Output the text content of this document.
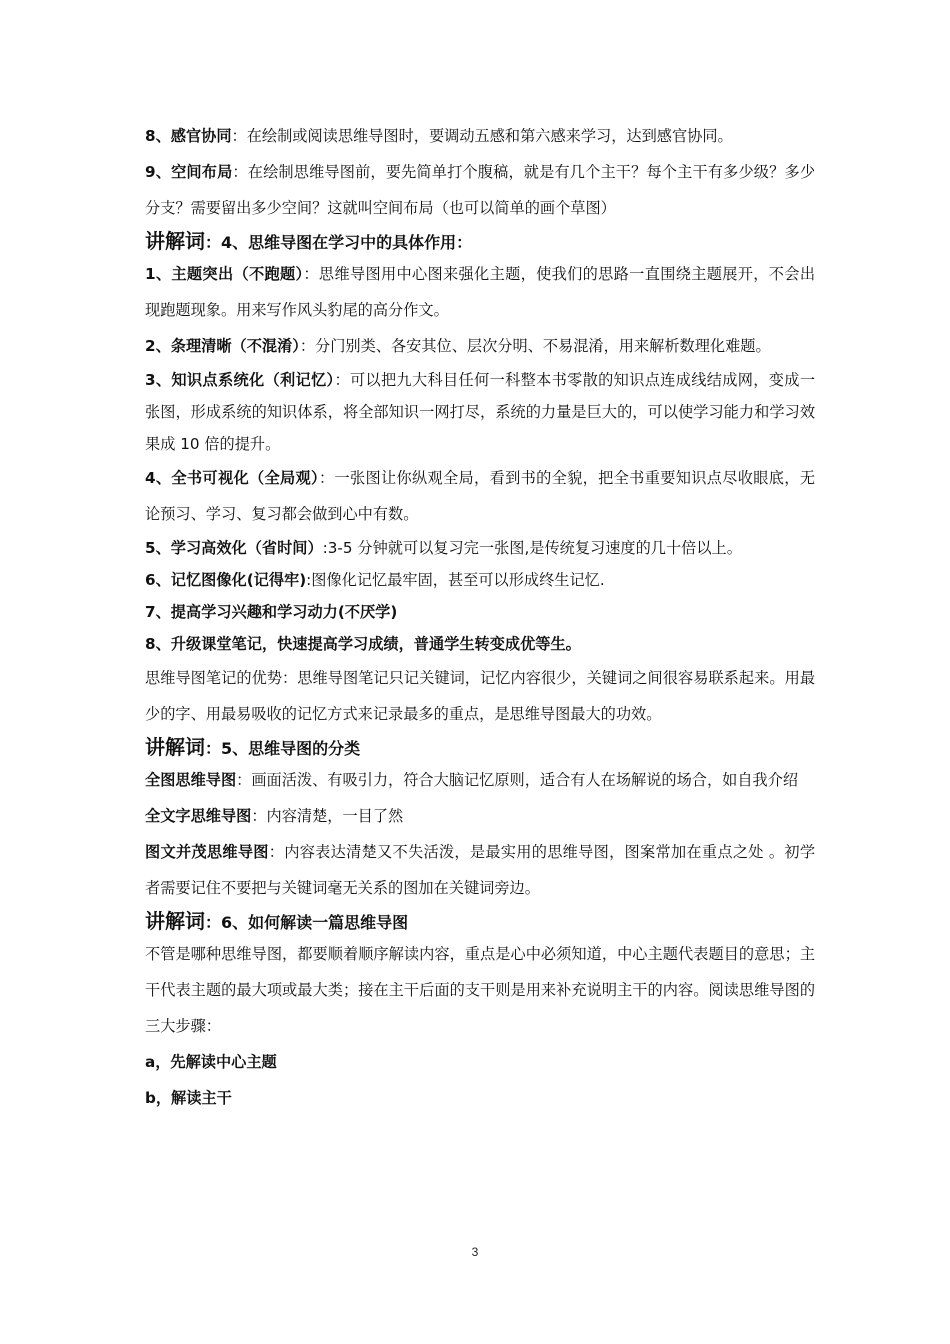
8、感官协同：在绘制或阅读思维导图时，要调动五感和第六感来学习，达到感官协同。

9、空间布局：在绘制思维导图前，要先简单打个腹稿，就是有几个主干？每个主干有多少级？多少分支？需要留出多少空间？这就叫空间布局（也可以简单的画个草图）

讲解词：4、思维导图在学习中的具体作用：

1、主题突出（不跑题）：思维导图用中心图来强化主题，使我们的思路一直围绕主题展开，不会出现跑题现象。用来写作风头豹尾的高分作文。

2、条理清晰（不混淆）：分门别类、各安其位、层次分明、不易混淆，用来解析数理化难题。

3、知识点系统化（利记忆）：可以把九大科目任何一科整本书零散的知识点连成线结成网，变成一张图，形成系统的知识体系，将全部知识一网打尽，系统的力量是巨大的，可以使学习能力和学习效果成 10 倍的提升。

4、全书可视化（全局观）：一张图让你纵观全局，看到书的全貌，把全书重要知识点尽收眼底，无论预习、学习、复习都会做到心中有数。

5、学习高效化（省时间）:3-5 分钟就可以复习完一张图,是传统复习速度的几十倍以上。

6、记忆图像化(记得牢):图像化记忆最牢固，甚至可以形成终生记忆.

7、提高学习兴趣和学习动力(不厌学)

8、升级课堂笔记，快速提高学习成绩，普通学生转变成优等生。

思维导图笔记的优势：思维导图笔记只记关键词，记忆内容很少，关键词之间很容易联系起来。用最少的字、用最易吸收的记忆方式来记录最多的重点，是思维导图最大的功效。

讲解词：5、思维导图的分类

全图思维导图：画面活泼、有吸引力，符合大脑记忆原则，适合有人在场解说的场合，如自我介绍

全文字思维导图：内容清楚，一目了然

图文并茂思维导图：内容表达清楚又不失活泼，是最实用的思维导图，图案常加在重点之处 。初学者需要记住不要把与关键词毫无关系的图加在关键词旁边。

讲解词：6、如何解读一篇思维导图

不管是哪种思维导图，都要顺着顺序解读内容，重点是心中必须知道，中心主题代表题目的意思；主干代表主题的最大项或最大类；接在主干后面的支干则是用来补充说明主干的内容。阅读思维导图的三大步骤：

a，先解读中心主题

b，解读主干

3
